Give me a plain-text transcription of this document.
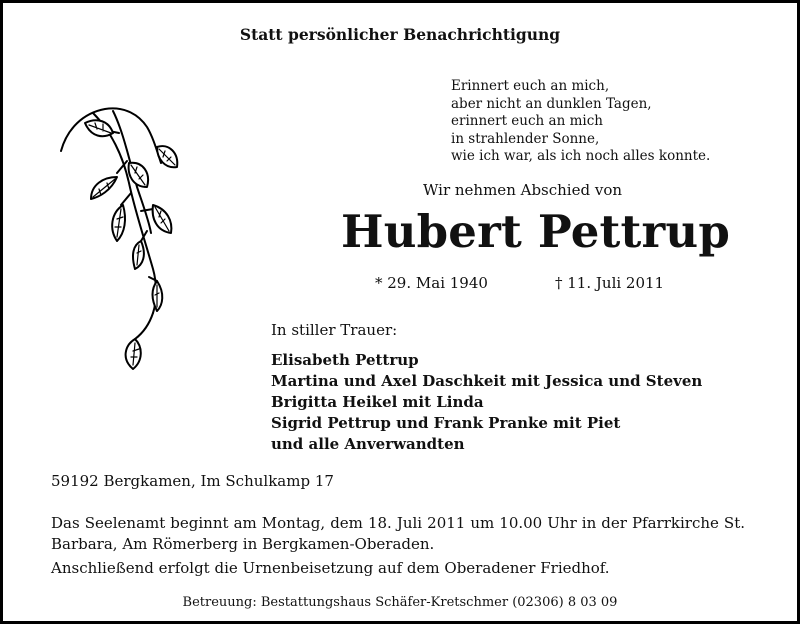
Statt persönlicher Benachrichtigung
Erinnert euch an mich,
aber nicht an dunklen Tagen,
erinnert euch an mich
in strahlender Sonne,
wie ich war, als ich noch alles konnte.
Wir nehmen Abschied von
Hubert Pettrup
* 29. Mai 1940	† 11. Juli 2011
In stiller Trauer:
Elisabeth Pettrup
Martina und Axel Daschkeit mit Jessica und Steven
Brigitta Heikel mit Linda
Sigrid Pettrup und Frank Pranke mit Piet
und alle Anverwandten
59192 Bergkamen, Im Schulkamp 17
Das Seelenamt beginnt am Montag, dem 18. Juli 2011 um 10.00 Uhr in der Pfarrkirche St. Barbara, Am Römerberg in Bergkamen-Oberaden.
Anschließend erfolgt die Urnenbeisetzung auf dem Oberadener Friedhof.
Betreuung: Bestattungshaus Schäfer-Kretschmer (02306) 8 03 09
